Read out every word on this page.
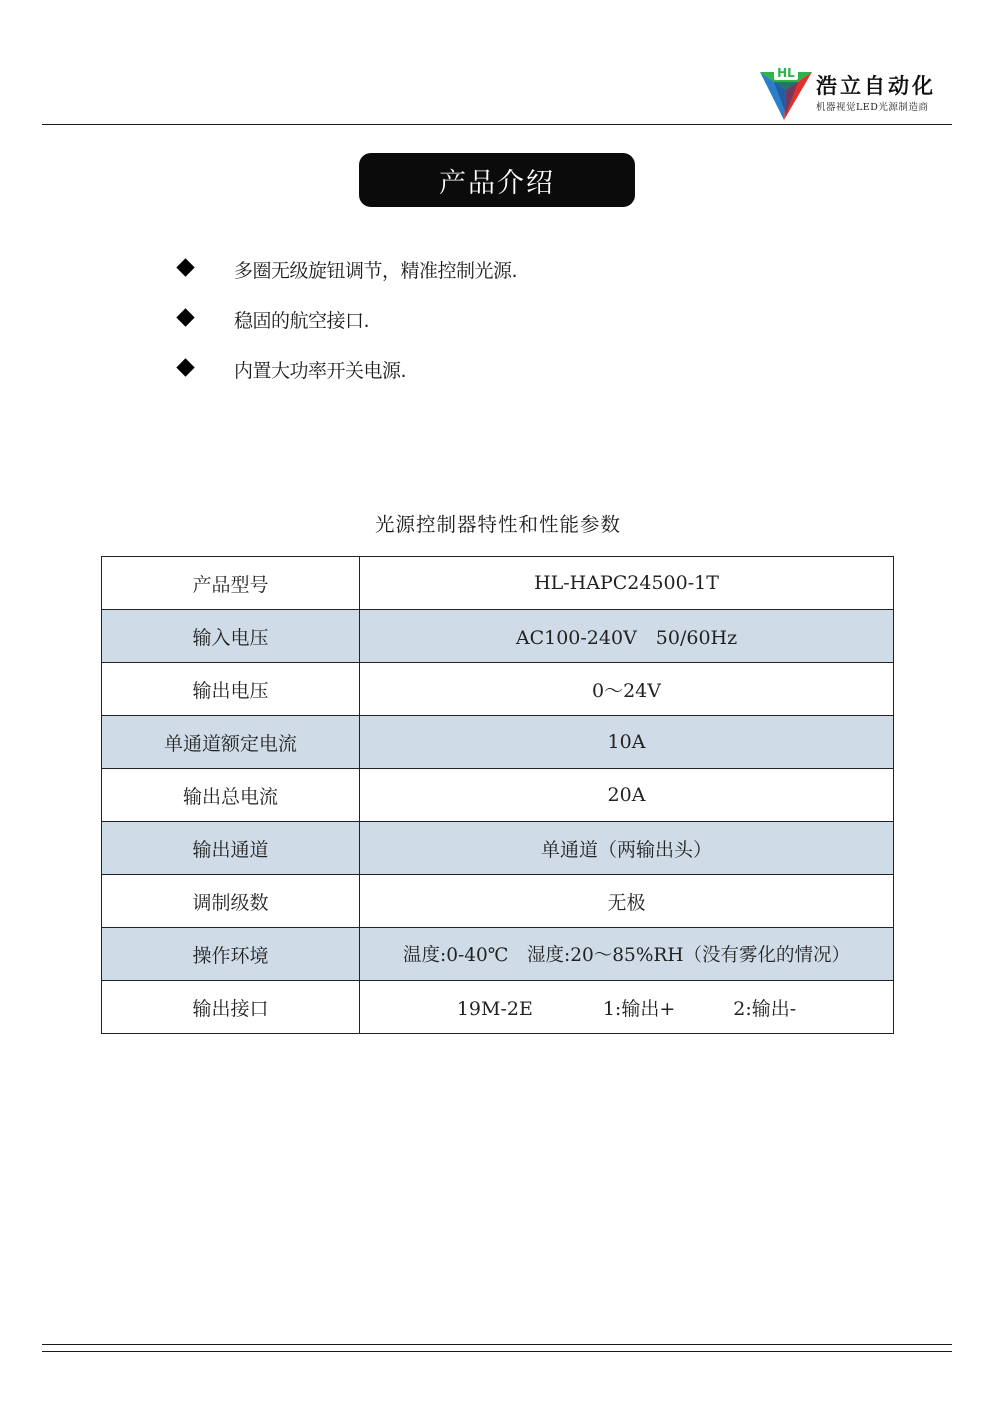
HL
浩立自动化
机器视觉LED光源制造商
产品介绍
多圈无级旋钮调节，精准控制光源.
稳固的航空接口.
内置大功率开关电源.
光源控制器特性和性能参数
产品型号	HL-HAPC24500-1T
输入电压	AC100-240V　50/60Hz
输出电压	0～24V
单通道额定电流	10A
输出总电流	20A
输出通道	单通道（两输出头）
调制级数	无极
操作环境	温度:0-40℃　湿度:20～85%RH（没有雾化的情况）
输出接口	19M-2E 1:输出+ 2:输出-
